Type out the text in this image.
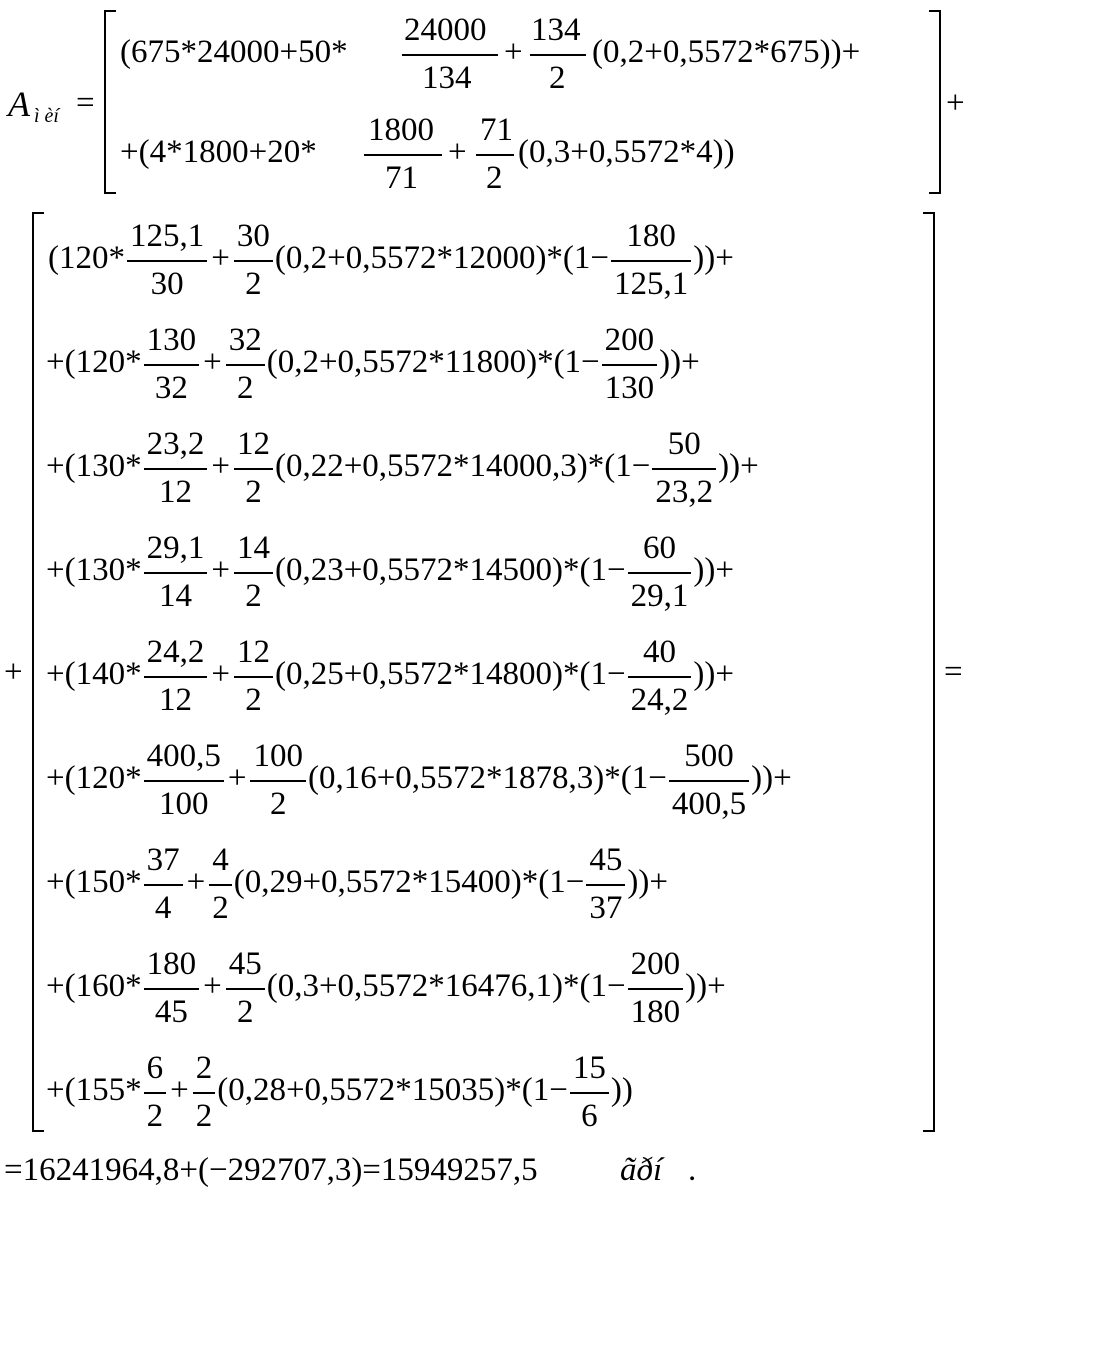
A ì èí =	+
(675*24000+50*
24000
134
+
134
2
(0,2+0,5572*675))+
+(4*1800+20*
1800
71
+
71
2
(0,3+0,5572*4))
+	=
(120*
125,1
30
+
30
2
(0,2+0,5572*12000)*(1−
180
125,1
))+
+(120*
130
32
+
32
2
(0,2+0,5572*11800)*(1−
200
130
))+
+(130*
23,2
12
+
12
2
(0,22+0,5572*14000,3)*(1−
50
23,2
))+
+(130*
29,1
14
+
14
2
(0,23+0,5572*14500)*(1−
60
29,1
))+
+(140*
24,2
12
+
12
2
(0,25+0,5572*14800)*(1−
40
24,2
))+
+(120*
400,5
100
+
100
2
(0,16+0,5572*1878,3)*(1−
500
400,5
))+
+(150*
37
4
+
4
2
(0,29+0,5572*15400)*(1−
45
37
))+
+(160*
180
45
+
45
2
(0,3+0,5572*16476,1)*(1−
200
180
))+
+(155*
6
2
+
2
2
(0,28+0,5572*15035)*(1−
15
6
))
=16241964,8+(−292707,3)=15949257,5 ãðí .
